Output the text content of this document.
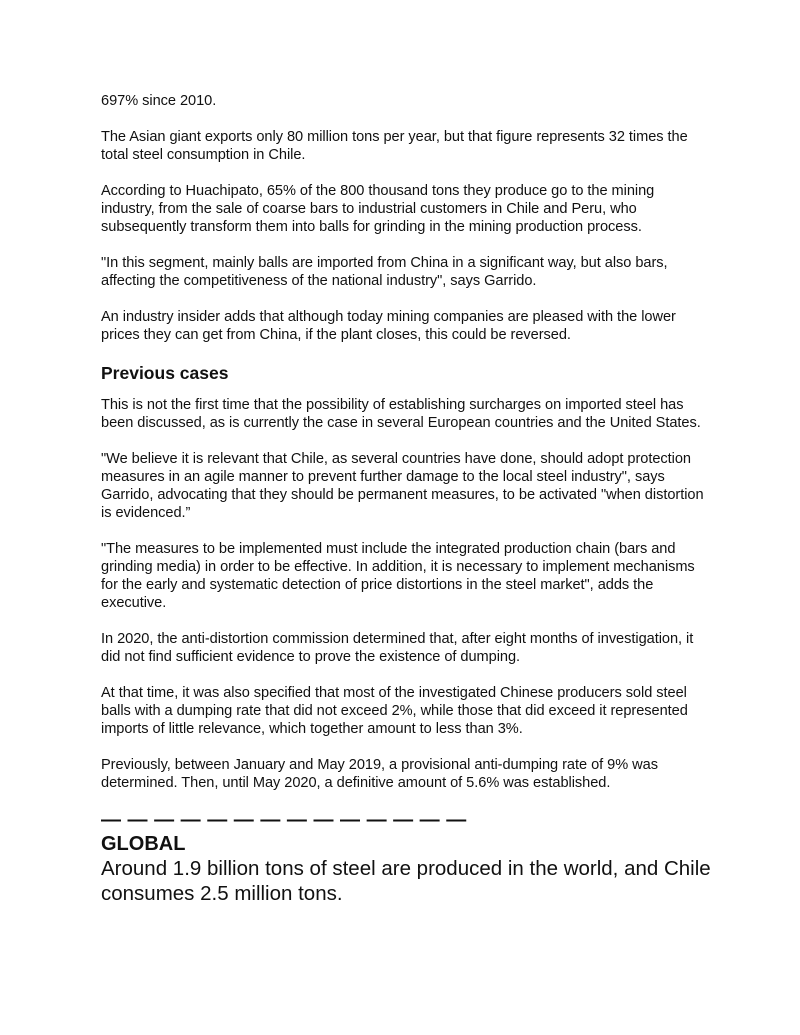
697% since 2010.

The Asian giant exports only 80 million tons per year, but that figure represents 32 times the total steel consumption in Chile.

According to Huachipato, 65% of the 800 thousand tons they produce go to the mining industry, from the sale of coarse bars to industrial customers in Chile and Peru, who subsequently transform them into balls for grinding in the mining production process.

"In this segment, mainly balls are imported from China in a significant way, but also bars, affecting the competitiveness of the national industry", says Garrido.

An industry insider adds that although today mining companies are pleased with the lower prices they can get from China, if the plant closes, this could be reversed.

Previous cases

This is not the first time that the possibility of establishing surcharges on imported steel has been discussed, as is currently the case in several European countries and the United States.

"We believe it is relevant that Chile, as several countries have done, should adopt protection measures in an agile manner to prevent further damage to the local steel industry", says Garrido, advocating that they should be permanent measures, to be activated "when distortion is evidenced.”

"The measures to be implemented must include the integrated production chain (bars and grinding media) in order to be effective. In addition, it is necessary to implement mechanisms for the early and systematic detection of price distortions in the steel market", adds the executive.

In 2020, the anti-distortion commission determined that, after eight months of investigation, it did not find sufficient evidence to prove the existence of dumping.

At that time, it was also specified that most of the investigated Chinese producers sold steel balls with a dumping rate that did not exceed 2%, while those that did exceed it represented imports of little relevance, which together amount to less than 3%.

Previously, between January and May 2019, a provisional anti-dumping rate of 9% was determined. Then, until May 2020, a definitive amount of 5.6% was established.

— — — — — — — — — — — — — —
GLOBAL
Around 1.9 billion tons of steel are produced in the world, and Chile consumes 2.5 million tons.
